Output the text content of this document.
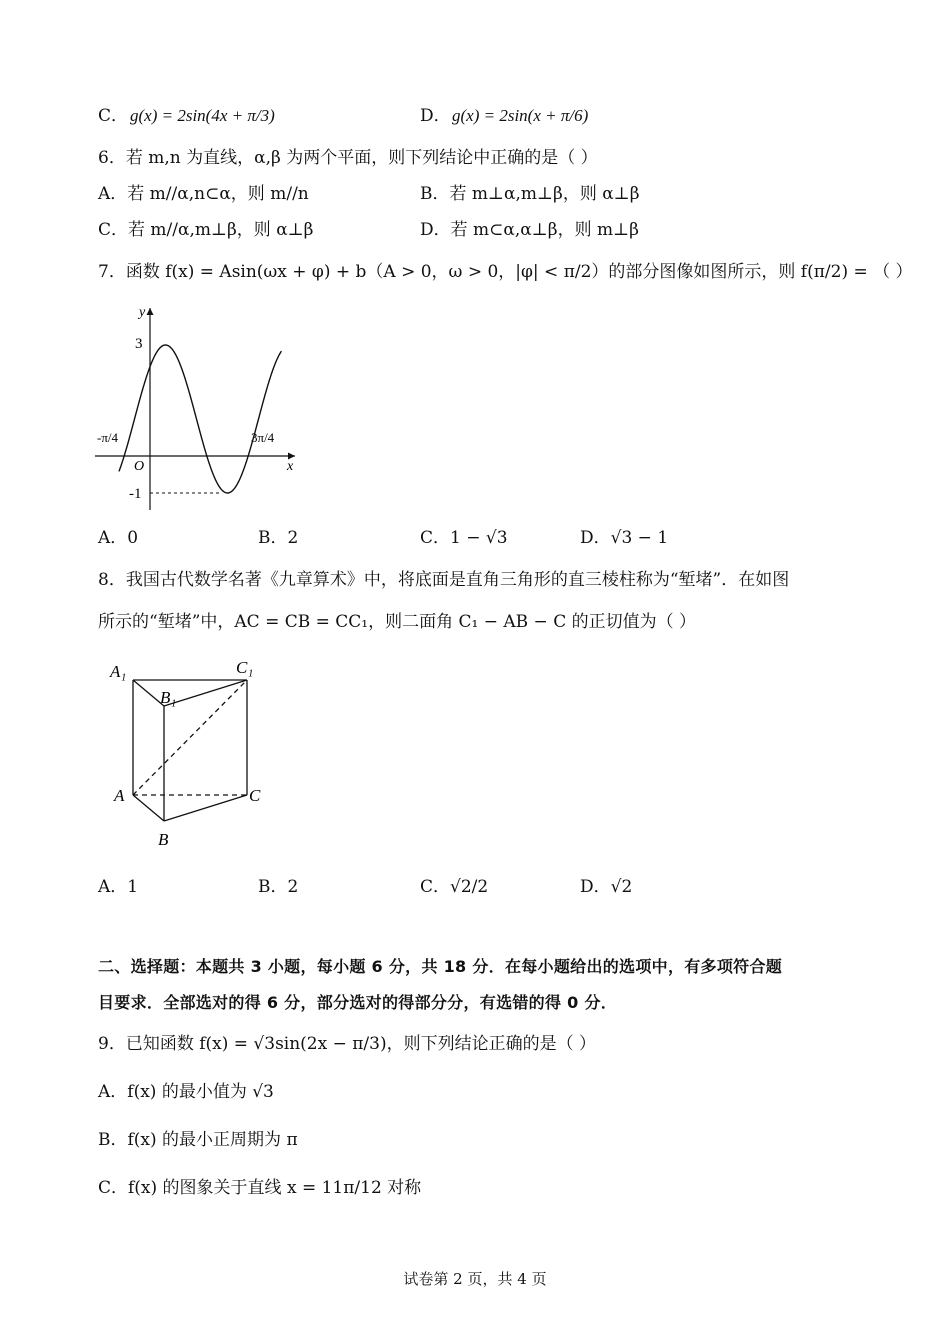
C． g(x) = 2sin(4x + π/3)	D． g(x) = 2sin(x + π/6)
6．若 m,n 为直线，α,β 为两个平面，则下列结论中正确的是（ ）
A．若 m//α,n⊂α，则 m//n	B．若 m⊥α,m⊥β，则 α⊥β
C．若 m//α,m⊥β，则 α⊥β	D．若 m⊂α,α⊥β，则 m⊥β
7．函数 f(x) = Asin(ωx + φ) + b（A > 0，ω > 0，|φ| < π/2）的部分图像如图所示，则 f(π/2) = （ ）
y
x
O
3
-1
-π/4	3π/4
A．0	B．2	C．1 − √3	D．√3 − 1
8．我国古代数学名著《九章算术》中，将底面是直角三角形的直三棱柱称为“堑堵”．在如图
所示的“堑堵”中，AC = CB = CC₁，则二面角 C₁ − AB − C 的正切值为（ ）
A₁	C₁
B₁
A	C
B
A．1	B．2	C．√2/2	D．√2
二、选择题：本题共 3 小题，每小题 6 分，共 18 分．在每小题给出的选项中，有多项符合题
目要求．全部选对的得 6 分，部分选对的得部分分，有选错的得 0 分．
9．已知函数 f(x) = √3sin(2x − π/3)，则下列结论正确的是（ ）
A．f(x) 的最小值为 √3
B．f(x) 的最小正周期为 π
C．f(x) 的图象关于直线 x = 11π/12 对称
试卷第 2 页，共 4 页
